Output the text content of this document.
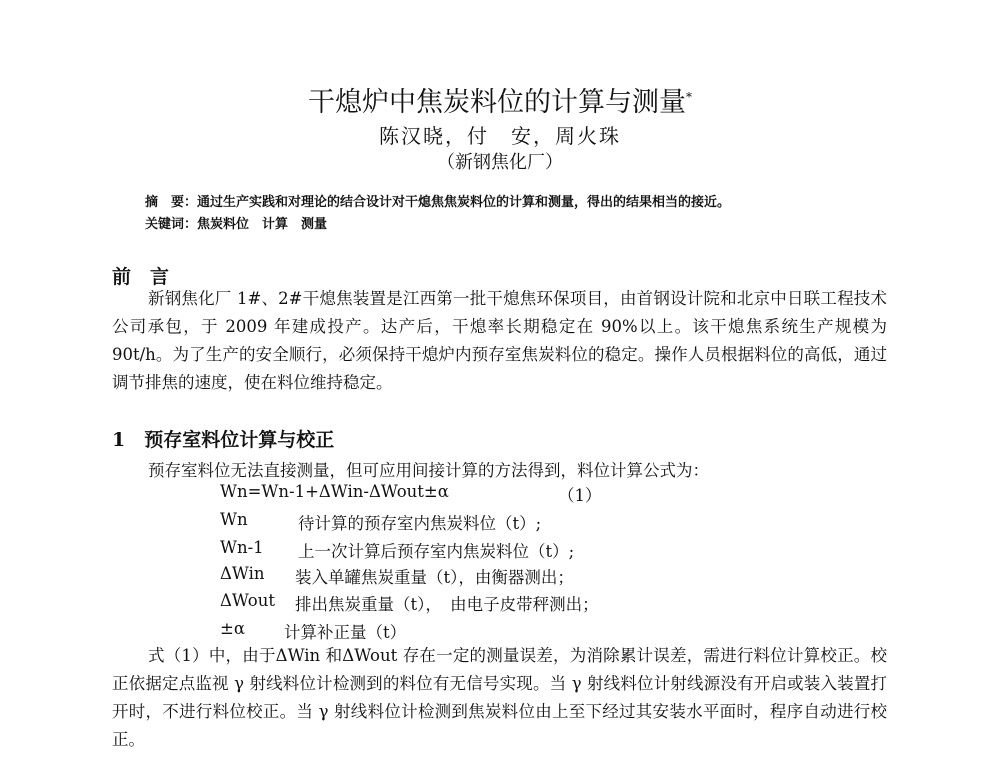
干熄炉中焦炭料位的计算与测量*
陈汉晓，付　安，周火珠
（新钢焦化厂）
摘　要：通过生产实践和对理论的结合设计对干熄焦焦炭料位的计算和测量，得出的结果相当的接近。
关键词：焦炭料位　计算　测量
前　言
新钢焦化厂 1#、2#干熄焦装置是江西第一批干熄焦环保项目，由首钢设计院和北京中日联工程技术公司承包，于 2009 年建成投产。达产后，干熄率长期稳定在 90%以上。该干熄焦系统生产规模为 90t/h。为了生产的安全顺行，必须保持干熄炉内预存室焦炭料位的稳定。操作人员根据料位的高低，通过调节排焦的速度，使在料位维持稳定。
1　预存室料位计算与校正
预存室料位无法直接测量，但可应用间接计算的方法得到，料位计算公式为：
Wn=Wn-1+ΔWin-ΔWout±α	（1）
Wn	待计算的预存室内焦炭料位（t）;
Wn-1 上一次计算后预存室内焦炭料位（t）;
ΔWin 装入单罐焦炭重量（t），由衡器测出；
ΔWout 排出焦炭重量（t），　由电子皮带秤测出；
±α 计算补正量（t）
式（1）中，由于ΔWin 和ΔWout 存在一定的测量误差，为消除累计误差，需进行料位计算校正。校正依据定点监视 γ 射线料位计检测到的料位有无信号实现。当 γ 射线料位计射线源没有开启或装入装置打开时，不进行料位校正。当 γ 射线料位计检测到焦炭料位由上至下经过其安装水平面时，程序自动进行校正。
